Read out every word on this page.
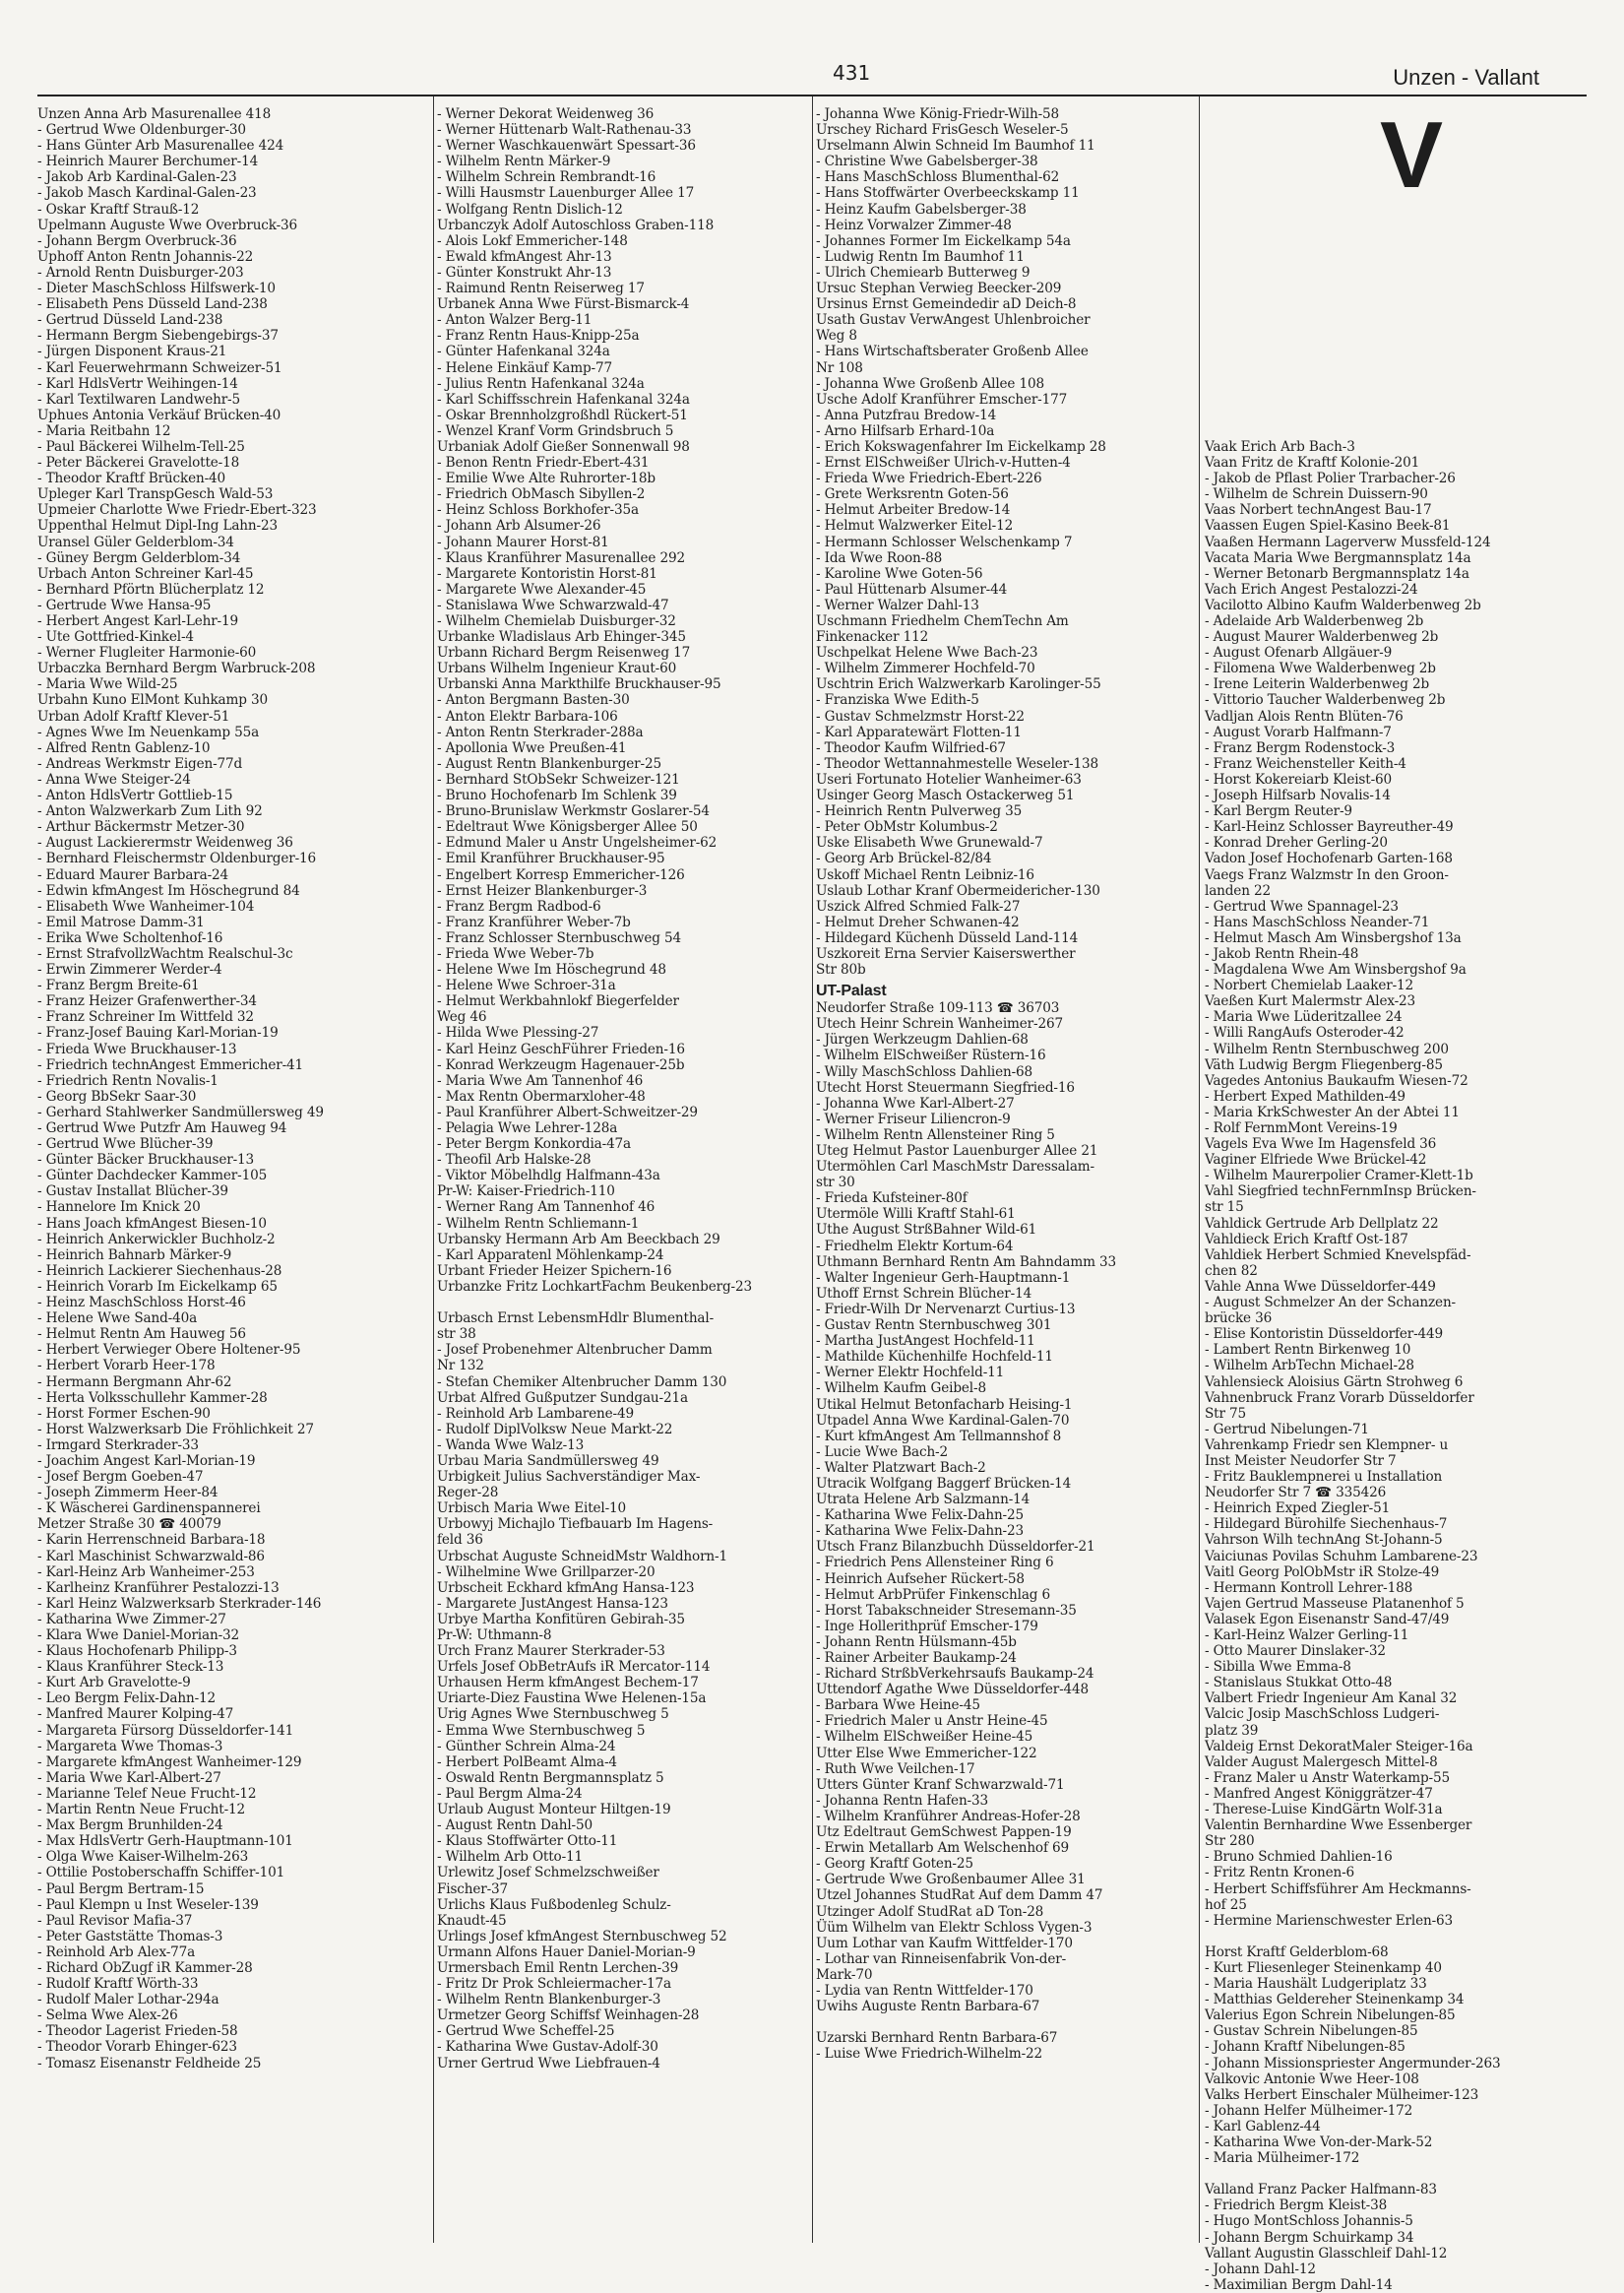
431	Unzen - Vallant
V
Unzen Anna Arb Masurenallee 418
- Gertrud Wwe Oldenburger-30
- Hans Günter Arb Masurenallee 424
- Heinrich Maurer Berchumer-14
- Jakob Arb Kardinal-Galen-23
- Jakob Masch Kardinal-Galen-23
- Oskar Kraftf Strauß-12
Upelmann Auguste Wwe Overbruck-36
- Johann Bergm Overbruck-36
Uphoff Anton Rentn Johannis-22
- Arnold Rentn Duisburger-203
- Dieter MaschSchloss Hilfswerk-10
- Elisabeth Pens Düsseld Land-238
- Gertrud Düsseld Land-238
- Hermann Bergm Siebengebirgs-37
- Jürgen Disponent Kraus-21
- Karl Feuerwehrmann Schweizer-51
- Karl HdlsVertr Weihingen-14
- Karl Textilwaren Landwehr-5
Uphues Antonia Verkäuf Brücken-40
- Maria Reitbahn 12
- Paul Bäckerei Wilhelm-Tell-25
- Peter Bäckerei Gravelotte-18
- Theodor Kraftf Brücken-40
Upleger Karl TranspGesch Wald-53
Upmeier Charlotte Wwe Friedr-Ebert-323
Uppenthal Helmut Dipl-Ing Lahn-23
Uransel Güler Gelderblom-34
- Güney Bergm Gelderblom-34
Urbach Anton Schreiner Karl-45
- Bernhard Pförtn Blücherplatz 12
- Gertrude Wwe Hansa-95
- Herbert Angest Karl-Lehr-19
- Ute Gottfried-Kinkel-4
- Werner Flugleiter Harmonie-60
Urbaczka Bernhard Bergm Warbruck-208
- Maria Wwe Wild-25
Urbahn Kuno ElMont Kuhkamp 30
Urban Adolf Kraftf Klever-51
- Agnes Wwe Im Neuenkamp 55a
- Alfred Rentn Gablenz-10
- Andreas Werkmstr Eigen-77d
- Anna Wwe Steiger-24
- Anton HdlsVertr Gottlieb-15
- Anton Walzwerkarb Zum Lith 92
- Arthur Bäckermstr Metzer-30
- August Lackierermstr Weidenweg 36
- Bernhard Fleischermstr Oldenburger-16
- Eduard Maurer Barbara-24
- Edwin kfmAngest Im Höschegrund 84
- Elisabeth Wwe Wanheimer-104
- Emil Matrose Damm-31
- Erika Wwe Scholtenhof-16
- Ernst StrafvollzWachtm Realschul-3c
- Erwin Zimmerer Werder-4
- Franz Bergm Breite-61
- Franz Heizer Grafenwerther-34
- Franz Schreiner Im Wittfeld 32
- Franz-Josef Bauing Karl-Morian-19
- Frieda Wwe Bruckhauser-13
- Friedrich technAngest Emmericher-41
- Friedrich Rentn Novalis-1
- Georg BbSekr Saar-30
- Gerhard Stahlwerker Sandmüllersweg 49
- Gertrud Wwe Putzfr Am Hauweg 94
- Gertrud Wwe Blücher-39
- Günter Bäcker Bruckhauser-13
- Günter Dachdecker Kammer-105
- Gustav Installat Blücher-39
- Hannelore Im Knick 20
- Hans Joach kfmAngest Biesen-10
- Heinrich Ankerwickler Buchholz-2
- Heinrich Bahnarb Märker-9
- Heinrich Lackierer Siechenhaus-28
- Heinrich Vorarb Im Eickelkamp 65
- Heinz MaschSchloss Horst-46
- Helene Wwe Sand-40a
- Helmut Rentn Am Hauweg 56
- Herbert Verwieger Obere Holtener-95
- Herbert Vorarb Heer-178
- Hermann Bergmann Ahr-62
- Herta Volksschullehr Kammer-28
- Horst Former Eschen-90
- Horst Walzwerksarb Die Fröhlichkeit 27
- Irmgard Sterkrader-33
- Joachim Angest Karl-Morian-19
- Josef Bergm Goeben-47
- Joseph Zimmerm Heer-84
- K Wäscherei Gardinenspannerei
Metzer Straße 30 ☎ 40079
- Karin Herrenschneid Barbara-18
- Karl Maschinist Schwarzwald-86
- Karl-Heinz Arb Wanheimer-253
- Karlheinz Kranführer Pestalozzi-13
- Karl Heinz Walzwerksarb Sterkrader-146
- Katharina Wwe Zimmer-27
- Klara Wwe Daniel-Morian-32
- Klaus Hochofenarb Philipp-3
- Klaus Kranführer Steck-13
- Kurt Arb Gravelotte-9
- Leo Bergm Felix-Dahn-12
- Manfred Maurer Kolping-47
- Margareta Fürsorg Düsseldorfer-141
- Margareta Wwe Thomas-3
- Margarete kfmAngest Wanheimer-129
- Maria Wwe Karl-Albert-27
- Marianne Telef Neue Frucht-12
- Martin Rentn Neue Frucht-12
- Max Bergm Brunhilden-24
- Max HdlsVertr Gerh-Hauptmann-101
- Olga Wwe Kaiser-Wilhelm-263
- Ottilie Postoberschaffn Schiffer-101
- Paul Bergm Bertram-15
- Paul Klempn u Inst Weseler-139
- Paul Revisor Mafia-37
- Peter Gaststätte Thomas-3
- Reinhold Arb Alex-77a
- Richard ObZugf iR Kammer-28
- Rudolf Kraftf Wörth-33
- Rudolf Maler Lothar-294a
- Selma Wwe Alex-26
- Theodor Lagerist Frieden-58
- Theodor Vorarb Ehinger-623
- Tomasz Eisenanstr Feldheide 25
- Werner Dekorat Weidenweg 36
- Werner Hüttenarb Walt-Rathenau-33
- Werner Waschkauenwärt Spessart-36
- Wilhelm Rentn Märker-9
- Wilhelm Schrein Rembrandt-16
- Willi Hausmstr Lauenburger Allee 17
- Wolfgang Rentn Dislich-12
Urbanczyk Adolf Autoschloss Graben-118
- Alois Lokf Emmericher-148
- Ewald kfmAngest Ahr-13
- Günter Konstrukt Ahr-13
- Raimund Rentn Reiserweg 17
Urbanek Anna Wwe Fürst-Bismarck-4
- Anton Walzer Berg-11
- Franz Rentn Haus-Knipp-25a
- Günter Hafenkanal 324a
- Helene Einkäuf Kamp-77
- Julius Rentn Hafenkanal 324a
- Karl Schiffsschrein Hafenkanal 324a
- Oskar Brennholzgroßhdl Rückert-51
- Wenzel Kranf Vorm Grindsbruch 5
Urbaniak Adolf Gießer Sonnenwall 98
- Benon Rentn Friedr-Ebert-431
- Emilie Wwe Alte Ruhrorter-18b
- Friedrich ObMasch Sibyllen-2
- Heinz Schloss Borkhofer-35a
- Johann Arb Alsumer-26
- Johann Maurer Horst-81
- Klaus Kranführer Masurenallee 292
- Margarete Kontoristin Horst-81
- Margarete Wwe Alexander-45
- Stanislawa Wwe Schwarzwald-47
- Wilhelm Chemielab Duisburger-32
Urbanke Wladislaus Arb Ehinger-345
Urbann Richard Bergm Reisenweg 17
Urbans Wilhelm Ingenieur Kraut-60
Urbanski Anna Markthilfe Bruckhauser-95
- Anton Bergmann Basten-30
- Anton Elektr Barbara-106
- Anton Rentn Sterkrader-288a
- Apollonia Wwe Preußen-41
- August Rentn Blankenburger-25
- Bernhard StObSekr Schweizer-121
- Bruno Hochofenarb Im Schlenk 39
- Bruno-Brunislaw Werkmstr Goslarer-54
- Edeltraut Wwe Königsberger Allee 50
- Edmund Maler u Anstr Ungelsheimer-62
- Emil Kranführer Bruckhauser-95
- Engelbert Korresp Emmericher-126
- Ernst Heizer Blankenburger-3
- Franz Bergm Radbod-6
- Franz Kranführer Weber-7b
- Franz Schlosser Sternbuschweg 54
- Frieda Wwe Weber-7b
- Helene Wwe Im Höschegrund 48
- Helene Wwe Schroer-31a
- Helmut Werkbahnlokf Biegerfelder
Weg 46
- Hilda Wwe Plessing-27
- Karl Heinz GeschFührer Frieden-16
- Konrad Werkzeugm Hagenauer-25b
- Maria Wwe Am Tannenhof 46
- Max Rentn Obermarxloher-48
- Paul Kranführer Albert-Schweitzer-29
- Pelagia Wwe Lehrer-128a
- Peter Bergm Konkordia-47a
- Theofil Arb Halske-28
- Viktor Möbelhdlg Halfmann-43a
Pr-W: Kaiser-Friedrich-110
- Werner Rang Am Tannenhof 46
- Wilhelm Rentn Schliemann-1
Urbansky Hermann Arb Am Beeckbach 29
- Karl Apparatenl Möhlenkamp-24
Urbant Frieder Heizer Spichern-16
Urbanzke Fritz LochkartFachm Beukenberg-23

Urbasch Ernst LebensmHdlr Blumenthal-
str 38
- Josef Probenehmer Altenbrucher Damm
Nr 132
- Stefan Chemiker Altenbrucher Damm 130
Urbat Alfred Gußputzer Sundgau-21a
- Reinhold Arb Lambarene-49
- Rudolf DiplVolksw Neue Markt-22
- Wanda Wwe Walz-13
Urbau Maria Sandmüllersweg 49
Urbigkeit Julius Sachverständiger Max-
Reger-28
Urbisch Maria Wwe Eitel-10
Urbowyj Michajlo Tiefbauarb Im Hagens-
feld 36
Urbschat Auguste SchneidMstr Waldhorn-1
- Wilhelmine Wwe Grillparzer-20
Urbscheit Eckhard kfmAng Hansa-123
- Margarete JustAngest Hansa-123
Urbye Martha Konfitüren Gebirah-35
Pr-W: Uthmann-8
Urch Franz Maurer Sterkrader-53
Urfels Josef ObBetrAufs iR Mercator-114
Urhausen Herm kfmAngest Bechem-17
Uriarte-Diez Faustina Wwe Helenen-15a
Urig Agnes Wwe Sternbuschweg 5
- Emma Wwe Sternbuschweg 5
- Günther Schrein Alma-24
- Herbert PolBeamt Alma-4
- Oswald Rentn Bergmannsplatz 5
- Paul Bergm Alma-24
Urlaub August Monteur Hiltgen-19
- August Rentn Dahl-50
- Klaus Stoffwärter Otto-11
- Wilhelm Arb Otto-11
Urlewitz Josef Schmelzschweißer
Fischer-37
Urlichs Klaus Fußbodenleg Schulz-
Knaudt-45
Urlings Josef kfmAngest Sternbuschweg 52
Urmann Alfons Hauer Daniel-Morian-9
Urmersbach Emil Rentn Lerchen-39
- Fritz Dr Prok Schleiermacher-17a
- Wilhelm Rentn Blankenburger-3
Urmetzer Georg Schiffsf Weinhagen-28
- Gertrud Wwe Scheffel-25
- Katharina Wwe Gustav-Adolf-30
Urner Gertrud Wwe Liebfrauen-4
- Johanna Wwe König-Friedr-Wilh-58
Urschey Richard FrisGesch Weseler-5
Urselmann Alwin Schneid Im Baumhof 11
- Christine Wwe Gabelsberger-38
- Hans MaschSchloss Blumenthal-62
- Hans Stoffwärter Overbeeckskamp 11
- Heinz Kaufm Gabelsberger-38
- Heinz Vorwalzer Zimmer-48
- Johannes Former Im Eickelkamp 54a
- Ludwig Rentn Im Baumhof 11
- Ulrich Chemiearb Butterweg 9
Ursuc Stephan Verwieg Beecker-209
Ursinus Ernst Gemeindedir aD Deich-8
Usath Gustav VerwAngest Uhlenbroicher
Weg 8
- Hans Wirtschaftsberater Großenb Allee
Nr 108
- Johanna Wwe Großenb Allee 108
Usche Adolf Kranführer Emscher-177
- Anna Putzfrau Bredow-14
- Arno Hilfsarb Erhard-10a
- Erich Kokswagenfahrer Im Eickelkamp 28
- Ernst ElSchweißer Ulrich-v-Hutten-4
- Frieda Wwe Friedrich-Ebert-226
- Grete Werksrentn Goten-56
- Helmut Arbeiter Bredow-14
- Helmut Walzwerker Eitel-12
- Hermann Schlosser Welschenkamp 7
- Ida Wwe Roon-88
- Karoline Wwe Goten-56
- Paul Hüttenarb Alsumer-44
- Werner Walzer Dahl-13
Uschmann Friedhelm ChemTechn Am
Finkenacker 112
Uschpelkat Helene Wwe Bach-23
- Wilhelm Zimmerer Hochfeld-70
Uschtrin Erich Walzwerkarb Karolinger-55
- Franziska Wwe Edith-5
- Gustav Schmelzmstr Horst-22
- Karl Apparatewärt Flotten-11
- Theodor Kaufm Wilfried-67
- Theodor Wettannahmestelle Weseler-138
Useri Fortunato Hotelier Wanheimer-63
Usinger Georg Masch Ostackerweg 51
- Heinrich Rentn Pulverweg 35
- Peter ObMstr Kolumbus-2
Uske Elisabeth Wwe Grunewald-7
- Georg Arb Brückel-82/84
Uskoff Michael Rentn Leibniz-16
Uslaub Lothar Kranf Obermeidericher-130
Uszick Alfred Schmied Falk-27
- Helmut Dreher Schwanen-42
- Hildegard Küchenh Düsseld Land-114
Uszkoreit Erna Servier Kaiserswerther
Str 80b
UT-Palast
Neudorfer Straße 109-113 ☎ 36703
Utech Heinr Schrein Wanheimer-267
- Jürgen Werkzeugm Dahlien-68
- Wilhelm ElSchweißer Rüstern-16
- Willy MaschSchloss Dahlien-68
Utecht Horst Steuermann Siegfried-16
- Johanna Wwe Karl-Albert-27
- Werner Friseur Liliencron-9
- Wilhelm Rentn Allensteiner Ring 5
Uteg Helmut Pastor Lauenburger Allee 21
Utermöhlen Carl MaschMstr Daressalam-
str 30
- Frieda Kufsteiner-80f
Utermöle Willi Kraftf Stahl-61
Uthe August StrßBahner Wild-61
- Friedhelm Elektr Kortum-64
Uthmann Bernhard Rentn Am Bahndamm 33
- Walter Ingenieur Gerh-Hauptmann-1
Uthoff Ernst Schrein Blücher-14
- Friedr-Wilh Dr Nervenarzt Curtius-13
- Gustav Rentn Sternbuschweg 301
- Martha JustAngest Hochfeld-11
- Mathilde Küchenhilfe Hochfeld-11
- Werner Elektr Hochfeld-11
- Wilhelm Kaufm Geibel-8
Utikal Helmut Betonfacharb Heising-1
Utpadel Anna Wwe Kardinal-Galen-70
- Kurt kfmAngest Am Tellmannshof 8
- Lucie Wwe Bach-2
- Walter Platzwart Bach-2
Utracik Wolfgang Baggerf Brücken-14
Utrata Helene Arb Salzmann-14
- Katharina Wwe Felix-Dahn-25
- Katharina Wwe Felix-Dahn-23
Utsch Franz Bilanzbuchh Düsseldorfer-21
- Friedrich Pens Allensteiner Ring 6
- Heinrich Aufseher Rückert-58
- Helmut ArbPrüfer Finkenschlag 6
- Horst Tabakschneider Stresemann-35
- Inge Hollerithprüf Emscher-179
- Johann Rentn Hülsmann-45b
- Rainer Arbeiter Baukamp-24
- Richard StrßbVerkehrsaufs Baukamp-24
Uttendorf Agathe Wwe Düsseldorfer-448
- Barbara Wwe Heine-45
- Friedrich Maler u Anstr Heine-45
- Wilhelm ElSchweißer Heine-45
Utter Else Wwe Emmericher-122
- Ruth Wwe Veilchen-17
Utters Günter Kranf Schwarzwald-71
- Johanna Rentn Hafen-33
- Wilhelm Kranführer Andreas-Hofer-28
Utz Edeltraut GemSchwest Pappen-19
- Erwin Metallarb Am Welschenhof 69
- Georg Kraftf Goten-25
- Gertrude Wwe Großenbaumer Allee 31
Utzel Johannes StudRat Auf dem Damm 47
Utzinger Adolf StudRat aD Ton-28
Üüm Wilhelm van Elektr Schloss Vygen-3
Uum Lothar van Kaufm Wittfelder-170
- Lothar van Rinneisenfabrik Von-der-
Mark-70
- Lydia van Rentn Wittfelder-170
Uwihs Auguste Rentn Barbara-67

Uzarski Bernhard Rentn Barbara-67
- Luise Wwe Friedrich-Wilhelm-22

Vaak Erich Arb Bach-3
Vaan Fritz de Kraftf Kolonie-201
- Jakob de Pflast Polier Trarbacher-26
- Wilhelm de Schrein Duissern-90
Vaas Norbert technAngest Bau-17
Vaassen Eugen Spiel-Kasino Beek-81
Vaaßen Hermann Lagerverw Mussfeld-124
Vacata Maria Wwe Bergmannsplatz 14a
- Werner Betonarb Bergmannsplatz 14a
Vach Erich Angest Pestalozzi-24
Vacilotto Albino Kaufm Walderbenweg 2b
- Adelaide Arb Walderbenweg 2b
- August Maurer Walderbenweg 2b
- August Ofenarb Allgäuer-9
- Filomena Wwe Walderbenweg 2b
- Irene Leiterin Walderbenweg 2b
- Vittorio Taucher Walderbenweg 2b
Vadljan Alois Rentn Blüten-76
- August Vorarb Halfmann-7
- Franz Bergm Rodenstock-3
- Franz Weichensteller Keith-4
- Horst Kokereiarb Kleist-60
- Joseph Hilfsarb Novalis-14
- Karl Bergm Reuter-9
- Karl-Heinz Schlosser Bayreuther-49
- Konrad Dreher Gerling-20
Vadon Josef Hochofenarb Garten-168
Vaegs Franz Walzmstr In den Groon-
landen 22
- Gertrud Wwe Spannagel-23
- Hans MaschSchloss Neander-71
- Helmut Masch Am Winsbergshof 13a
- Jakob Rentn Rhein-48
- Magdalena Wwe Am Winsbergshof 9a
- Norbert Chemielab Laaker-12
Vaeßen Kurt Malermstr Alex-23
- Maria Wwe Lüderitzallee 24
- Willi RangAufs Osteroder-42
- Wilhelm Rentn Sternbuschweg 200
Väth Ludwig Bergm Fliegenberg-85
Vagedes Antonius Baukaufm Wiesen-72
- Herbert Exped Mathilden-49
- Maria KrkSchwester An der Abtei 11
- Rolf FernmMont Vereins-19
Vagels Eva Wwe Im Hagensfeld 36
Vaginer Elfriede Wwe Brückel-42
- Wilhelm Maurerpolier Cramer-Klett-1b
Vahl Siegfried technFernmInsp Brücken-
str 15
Vahldick Gertrude Arb Dellplatz 22
Vahldieck Erich Kraftf Ost-187
Vahldiek Herbert Schmied Knevelspfäd-
chen 82
Vahle Anna Wwe Düsseldorfer-449
- August Schmelzer An der Schanzen-
brücke 36
- Elise Kontoristin Düsseldorfer-449
- Lambert Rentn Birkenweg 10
- Wilhelm ArbTechn Michael-28
Vahlensieck Aloisius Gärtn Strohweg 6
Vahnenbruck Franz Vorarb Düsseldorfer
Str 75
- Gertrud Nibelungen-71
Vahrenkamp Friedr sen Klempner- u
Inst Meister Neudorfer Str 7
- Fritz Bauklempnerei u Installation
Neudorfer Str 7 ☎ 335426
- Heinrich Exped Ziegler-51
- Hildegard Bürohilfe Siechenhaus-7
Vahrson Wilh technAng St-Johann-5
Vaiciunas Povilas Schuhm Lambarene-23
Vaitl Georg PolObMstr iR Stolze-49
- Hermann Kontroll Lehrer-188
Vajen Gertrud Masseuse Platanenhof 5
Valasek Egon Eisenanstr Sand-47/49
- Karl-Heinz Walzer Gerling-11
- Otto Maurer Dinslaker-32
- Sibilla Wwe Emma-8
- Stanislaus Stukkat Otto-48
Valbert Friedr Ingenieur Am Kanal 32
Valcic Josip MaschSchloss Ludgeri-
platz 39
Valdeig Ernst DekoratMaler Steiger-16a
Valder August Malergesch Mittel-8
- Franz Maler u Anstr Waterkamp-55
- Manfred Angest Königgrätzer-47
- Therese-Luise KindGärtn Wolf-31a
Valentin Bernhardine Wwe Essenberger
Str 280
- Bruno Schmied Dahlien-16
- Fritz Rentn Kronen-6
- Herbert Schiffsführer Am Heckmanns-
hof 25
- Hermine Marienschwester Erlen-63

Horst Kraftf Gelderblom-68
- Kurt Fliesenleger Steinenkamp 40
- Maria Haushält Ludgeriplatz 33
- Matthias Geldereher Steinenkamp 34
Valerius Egon Schrein Nibelungen-85
- Gustav Schrein Nibelungen-85
- Johann Kraftf Nibelungen-85
- Johann Missionspriester Angermunder-263
Valkovic Antonie Wwe Heer-108
Valks Herbert Einschaler Mülheimer-123
- Johann Helfer Mülheimer-172
- Karl Gablenz-44
- Katharina Wwe Von-der-Mark-52
- Maria Mülheimer-172

Valland Franz Packer Halfmann-83
- Friedrich Bergm Kleist-38
- Hugo MontSchloss Johannis-5
- Johann Bergm Schuirkamp 34
Vallant Augustin Glasschleif Dahl-12
- Johann Dahl-12
- Maximilian Bergm Dahl-14
